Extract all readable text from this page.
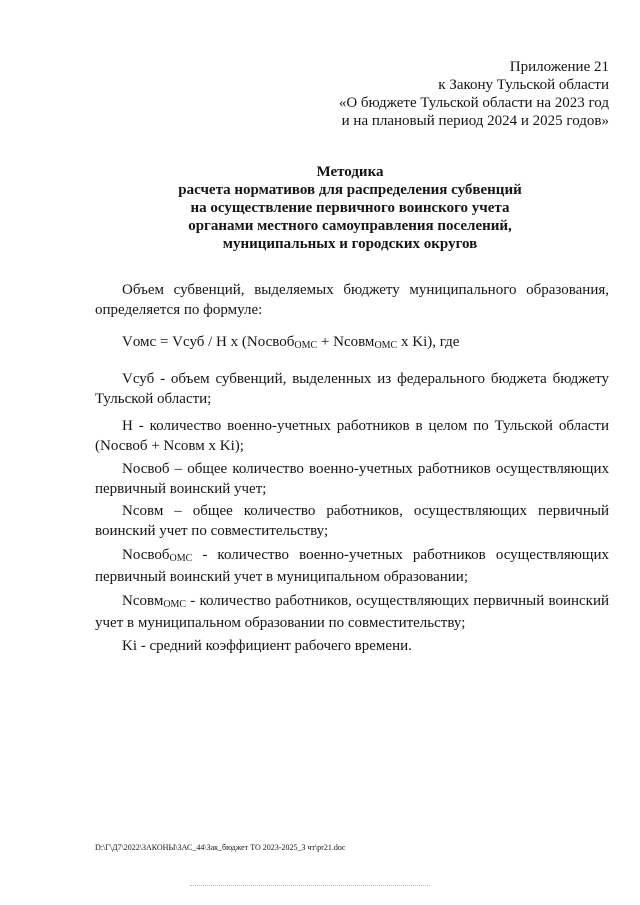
Приложение 21
к Закону Тульской области
«О бюджете Тульской области на 2023 год
и на плановый период 2024 и 2025 годов»
Методика
расчета нормативов для распределения субвенций
на осуществление первичного воинского учета
органами местного самоуправления поселений,
муниципальных и городских округов
Объем субвенций, выделяемых бюджету муниципального образования, определяется по формуле:
Vомс = Vсуб / Н х (Nосвоб$_{ОМС}$ + Nсовм$_{ОМС}$ х Ki), где
Vсуб - объем субвенций, выделенных из федерального бюджета бюджету Тульской области;
Н - количество военно-учетных работников в целом по Тульской области (Nосвоб + Nсовм х Ki);
Nосвоб – общее количество военно-учетных работников осуществляющих первичный воинский учет;
Nсовм – общее количество работников, осуществляющих первичный воинский учет по совместительству;
Nосвоб$_{ОМС}$ - количество военно-учетных работников осуществляющих первичный воинский учет в муниципальном образовании;
Nсовм$_{ОМС}$ - количество работников, осуществляющих первичный воинский учет в муниципальном образовании по совместительству;
Ki - средний коэффициент рабочего времени.
D:\Г\Д7\2022\ЗАКОНЫ\ЗАС_44\Зак_бюджет ТО 2023-2025_3 чт\pr21.doc
